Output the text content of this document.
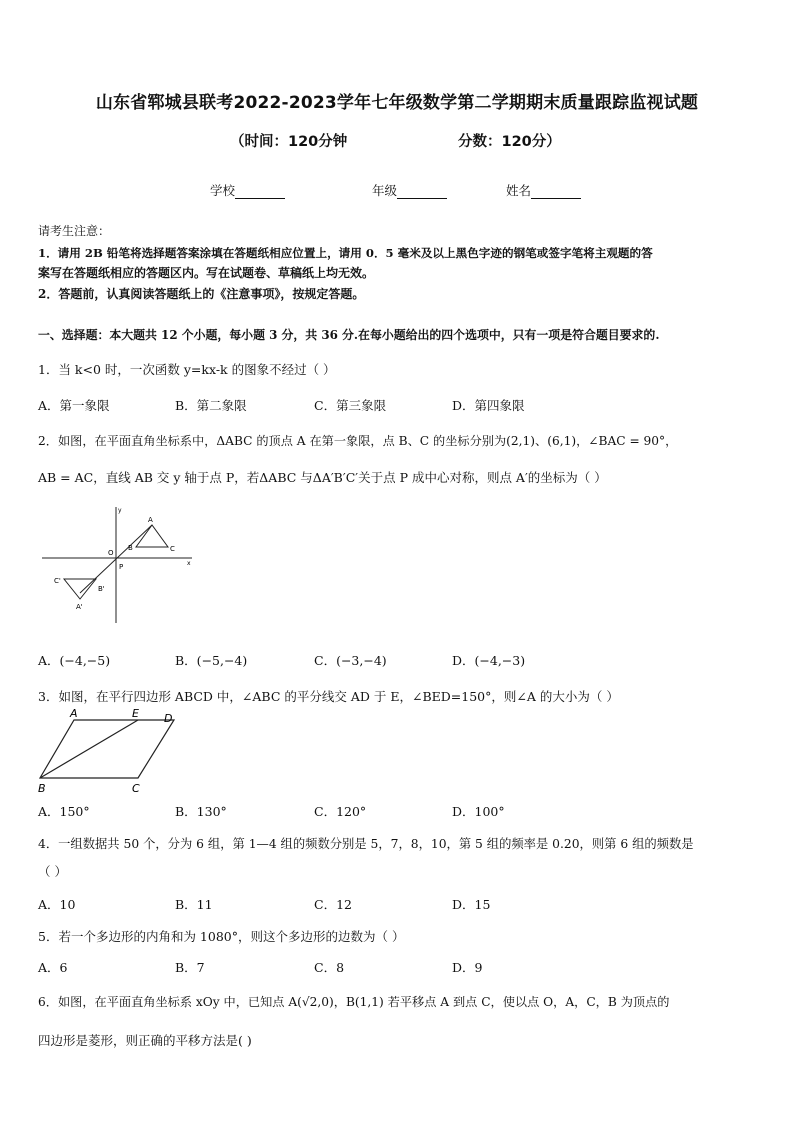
山东省郓城县联考2022-2023学年七年级数学第二学期期末质量跟踪监视试题
（时间：120分钟	分数：120分）
学校	年级	姓名
请考生注意：
1．请用 2B 铅笔将选择题答案涂填在答题纸相应位置上，请用 0．5 毫米及以上黑色字迹的钢笔或签字笔将主观题的答
案写在答题纸相应的答题区内。写在试题卷、草稿纸上均无效。
2．答题前，认真阅读答题纸上的《注意事项》，按规定答题。
一、选择题：本大题共 12 个小题，每小题 3 分，共 36 分.在每小题给出的四个选项中，只有一项是符合题目要求的.
1．当 k<0 时，一次函数 y=kx-k 的图象不经过（ ）
A．第一象限	B．第二象限	C．第三象限	D．第四象限
2．如图，在平面直角坐标系中，ΔABC 的顶点 A 在第一象限，点 B、C 的坐标分别为(2,1)、(6,1)，∠BAC = 90°，
AB = AC，直线 AB 交 y 轴于点 P，若ΔABC 与ΔA′B′C′关于点 P 成中心对称，则点 A′的坐标为（ ）
y
x
O
P
A
B	C
A'
B'
C'
A．(−4,−5)	B．(−5,−4)	C．(−3,−4)	D．(−4,−3)
3．如图，在平行四边形 ABCD 中，∠ABC 的平分线交 AD 于 E，∠BED=150°，则∠A 的大小为（ ）
A	E D
B	C
A．150°	B．130°	C．120°	D．100°
4．一组数据共 50 个，分为 6 组，第 1—4 组的频数分别是 5，7，8，10，第 5 组的频率是 0.20，则第 6 组的频数是
（ ）
A．10	B．11	C．12	D．15
5．若一个多边形的内角和为 1080°，则这个多边形的边数为（ ）
A．6	B．7	C．8	D．9
6．如图，在平面直角坐标系 xOy 中，已知点 A(√2,0)，B(1,1) 若平移点 A 到点 C，使以点 O，A，C，B 为顶点的
四边形是菱形，则正确的平移方法是( )
